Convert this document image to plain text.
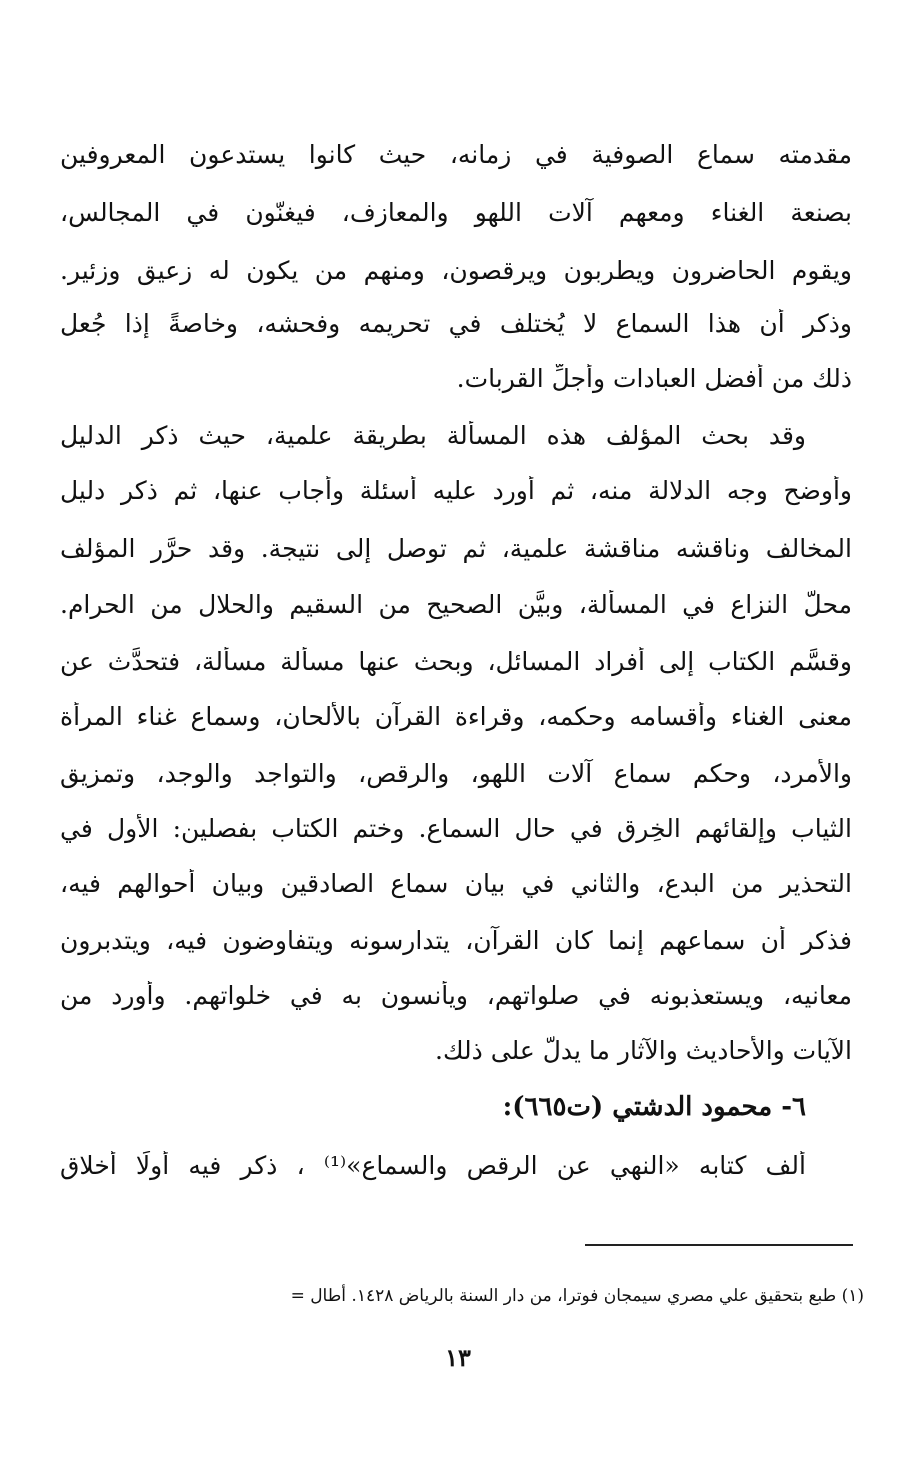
مقدمته سماع الصوفية في زمانه، حيث كانوا يستدعون المعروفين
بصنعة الغناء ومعهم آلات اللهو والمعازف، فيغنّون في المجالس،
ويقوم الحاضرون ويطربون ويرقصون، ومنهم من يكون له زعيق وزئير.
وذكر أن هذا السماع لا يُختلف في تحريمه وفحشه، وخاصةً إذا جُعل
ذلك من أفضل العبادات وأجلِّ القربات.
وقد بحث المؤلف هذه المسألة بطريقة علمية، حيث ذكر الدليل
وأوضح وجه الدلالة منه، ثم أورد عليه أسئلة وأجاب عنها، ثم ذكر دليل
المخالف وناقشه مناقشة علمية، ثم توصل إلى نتيجة. وقد حرَّر المؤلف
محلَّ النزاع في المسألة، وبيَّن الصحيح من السقيم والحلال من الحرام.
وقسَّم الكتاب إلى أفراد المسائل، وبحث عنها مسألة مسألة، فتحدَّث عن
معنى الغناء وأقسامه وحكمه، وقراءة القرآن بالألحان، وسماع غناء المرأة
والأمرد، وحكم سماع آلات اللهو، والرقص، والتواجد والوجد، وتمزيق
الثياب وإلقائهم الخِرق في حال السماع. وختم الكتاب بفصلين: الأول في
التحذير من البدع، والثاني في بيان سماع الصادقين وبيان أحوالهم فيه،
فذكر أن سماعهم إنما كان القرآن، يتدارسونه ويتفاوضون فيه، ويتدبرون
معانيه، ويستعذبونه في صلواتهم، ويأنسون به في خلواتهم. وأورد من
الآيات والأحاديث والآثار ما يدلُّ على ذلك.
٦- محمود الدشتي (ت٦٦٥):
ألف كتابه «النهي عن الرقص والسماع»⁽¹⁾ ، ذكر فيه أولًا أخلاق
(١) طبع بتحقيق علي مصري سيمجان فوترا، من دار السنة بالرياض ١٤٢٨. أطال =
١٣
